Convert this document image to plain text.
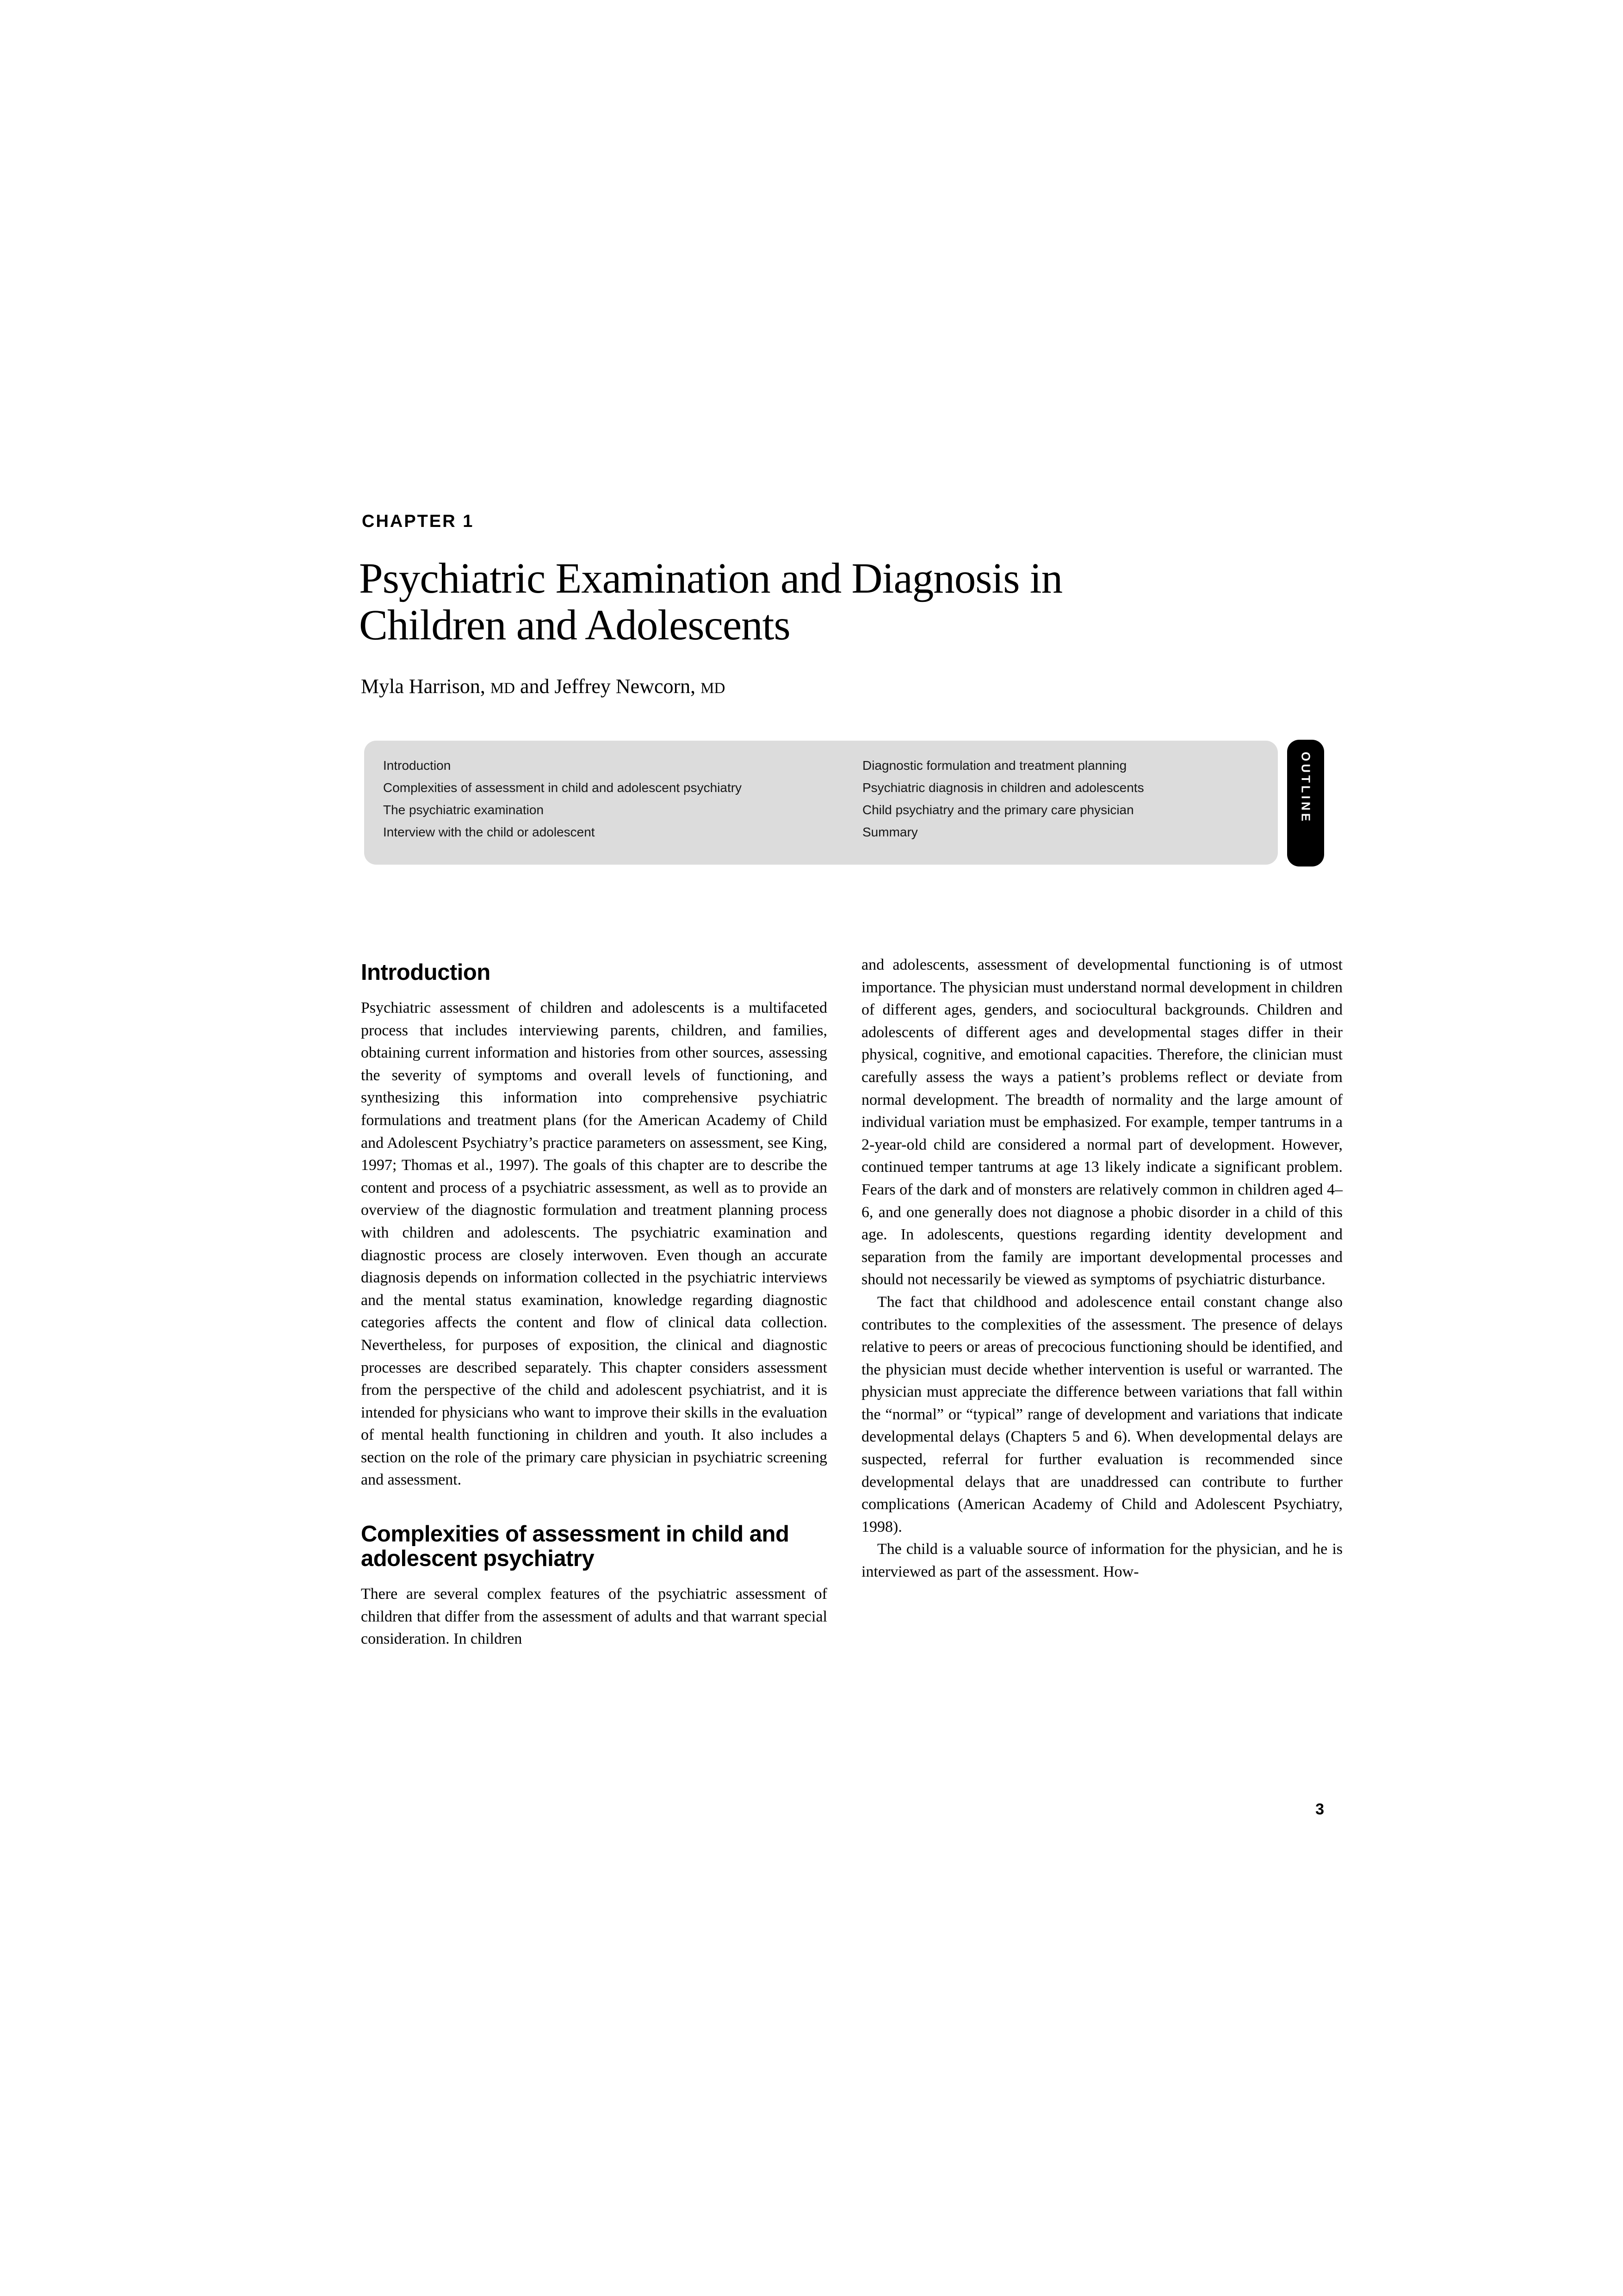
CHAPTER 1
Psychiatric Examination and Diagnosis in
Children and Adolescents
Myla Harrison, MD and Jeffrey Newcorn, MD
Introduction
Complexities of assessment in child and adolescent psychiatry
The psychiatric examination
Interview with the child or adolescent
Diagnostic formulation and treatment planning
Psychiatric diagnosis in children and adolescents
Child psychiatry and the primary care physician
Summary
OUTLINE
Introduction

Psychiatric assessment of children and adolescents is a multifaceted process that includes interviewing parents, children, and families, obtaining current information and histories from other sources, assessing the severity of symptoms and overall levels of functioning, and synthesizing this information into comprehensive psychiatric formulations and treatment plans (for the American Academy of Child and Adolescent Psychiatry’s practice parameters on assessment, see King, 1997; Thomas et al., 1997). The goals of this chapter are to describe the content and process of a psychiatric assessment, as well as to provide an overview of the diagnostic formulation and treatment planning process with children and adolescents. The psychiatric examination and diagnostic process are closely interwoven. Even though an accurate diagnosis depends on information collected in the psychiatric interviews and the mental status examination, knowledge regarding diagnostic categories affects the content and flow of clinical data collection. Nevertheless, for purposes of exposition, the clinical and diagnostic processes are described separately. This chapter considers assessment from the perspective of the child and adolescent psychiatrist, and it is intended for physicians who want to improve their skills in the evaluation of mental health functioning in children and youth. It also includes a section on the role of the primary care physician in psychiatric screening and assessment.

Complexities of assessment in child and adolescent psychiatry

There are several complex features of the psychiatric assessment of children that differ from the assessment of adults and that warrant special consideration. In children

and adolescents, assessment of developmental functioning is of utmost importance. The physician must understand normal development in children of different ages, genders, and sociocultural backgrounds. Children and adolescents of different ages and developmental stages differ in their physical, cognitive, and emotional capacities. Therefore, the clinician must carefully assess the ways a patient’s problems reflect or deviate from normal development. The breadth of normality and the large amount of individual variation must be emphasized. For example, temper tantrums in a 2-year-old child are considered a normal part of development. However, continued temper tantrums at age 13 likely indicate a significant problem. Fears of the dark and of monsters are relatively common in children aged 4–6, and one generally does not diagnose a phobic disorder in a child of this age. In adolescents, questions regarding identity development and separation from the family are important developmental processes and should not necessarily be viewed as symptoms of psychiatric disturbance.

The fact that childhood and adolescence entail constant change also contributes to the complexities of the assessment. The presence of delays relative to peers or areas of precocious functioning should be identified, and the physician must decide whether intervention is useful or warranted. The physician must appreciate the difference between variations that fall within the “normal” or “typical” range of development and variations that indicate developmental delays (Chapters 5 and 6). When developmental delays are suspected, referral for further evaluation is recommended since developmental delays that are unaddressed can contribute to further complications (American Academy of Child and Adolescent Psychiatry, 1998).

The child is a valuable source of information for the physician, and he is interviewed as part of the assessment. How-

3
